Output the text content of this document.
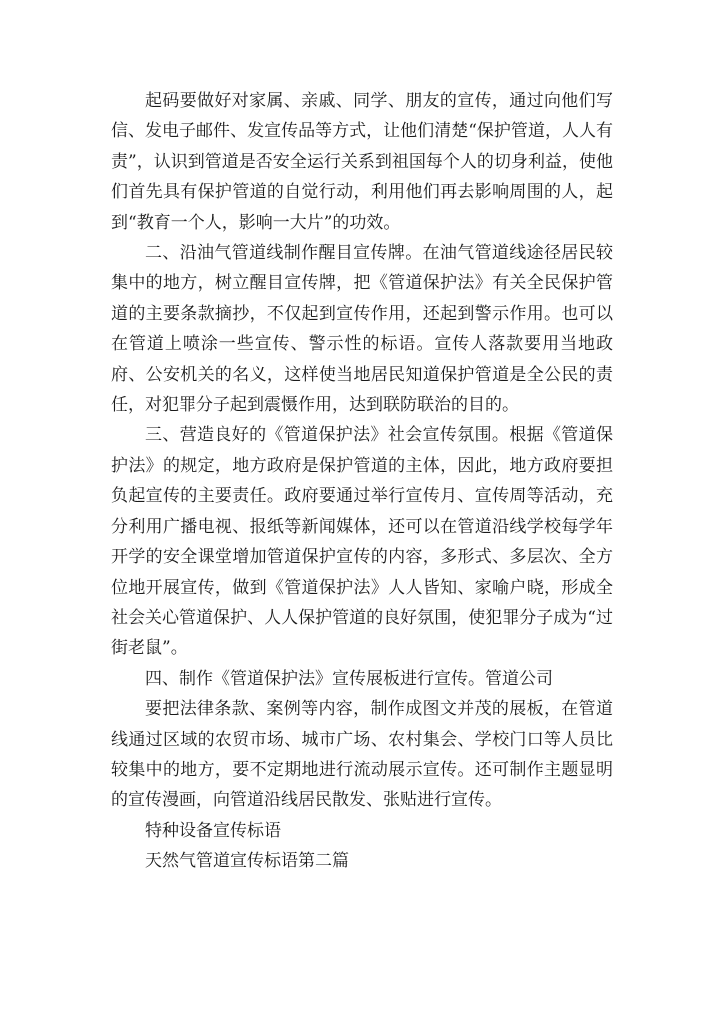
起码要做好对家属、亲戚、同学、朋友的宣传，通过向他们写信、发电子邮件、发宣传品等方式，让他们清楚“保护管道，人人有责”，认识到管道是否安全运行关系到祖国每个人的切身利益，使他们首先具有保护管道的自觉行动，利用他们再去影响周围的人，起到“教育一个人，影响一大片”的功效。

二、沿油气管道线制作醒目宣传牌。在油气管道线途径居民较集中的地方，树立醒目宣传牌，把《管道保护法》有关全民保护管道的主要条款摘抄，不仅起到宣传作用，还起到警示作用。也可以在管道上喷涂一些宣传、警示性的标语。宣传人落款要用当地政府、公安机关的名义，这样使当地居民知道保护管道是全公民的责任，对犯罪分子起到震慑作用，达到联防联治的目的。

三、营造良好的《管道保护法》社会宣传氛围。根据《管道保护法》的规定，地方政府是保护管道的主体，因此，地方政府要担负起宣传的主要责任。政府要通过举行宣传月、宣传周等活动，充分利用广播电视、报纸等新闻媒体，还可以在管道沿线学校每学年开学的安全课堂增加管道保护宣传的内容，多形式、多层次、全方位地开展宣传，做到《管道保护法》人人皆知、家喻户晓，形成全社会关心管道保护、人人保护管道的良好氛围，使犯罪分子成为“过街老鼠”。

四、制作《管道保护法》宣传展板进行宣传。管道公司

要把法律条款、案例等内容，制作成图文并茂的展板，在管道线通过区域的农贸市场、城市广场、农村集会、学校门口等人员比较集中的地方，要不定期地进行流动展示宣传。还可制作主题显明的宣传漫画，向管道沿线居民散发、张贴进行宣传。

特种设备宣传标语

天然气管道宣传标语第二篇
